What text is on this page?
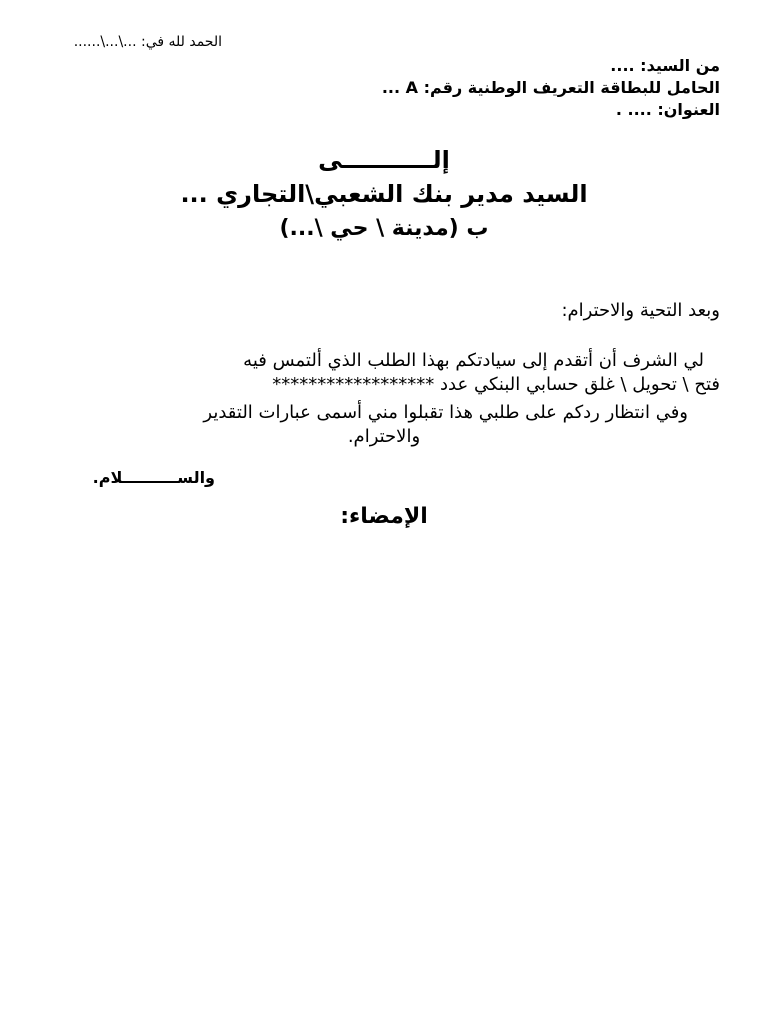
الحمد لله في: ...\...\......
من السيد: ....
الحامل للبطاقة التعريف الوطنية رقم: A ...
العنوان: .... .
إلـــــــــــى
السيد مدير بنك الشعبي\التجاري ...
ب (مدينة \ حي \...)
وبعد التحية والاحترام:
لي الشرف أن أتقدم إلى سيادتكم بهذا الطلب الذي ألتمس فيه
فتح \ تحويل \ غلق حسابي البنكي عدد ******************
وفي انتظار ردكم على طلبي هذا تقبلوا مني أسمى عبارات التقدير
والاحترام.
والســــــــــلام.
الإمضاء:
